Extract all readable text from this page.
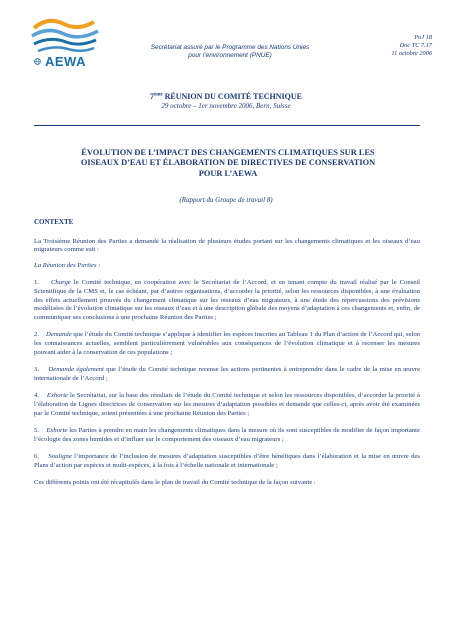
AEWA
Secrétariat assuré par le Programme des Nations Unies
pour l’environnement (PNUE)
PoJ 18
Doc TC 7.17
11 octobre 2006
7ème RÉUNION DU COMITÉ TECHNIQUE
29 octobre – 1er novembre 2006, Bern, Suisse
ÉVOLUTION DE L’IMPACT DES CHANGEMENTS CLIMATIQUES SUR LES
OISEAUX D’EAU ET ÉLABORATION DE DIRECTIVES DE CONSERVATION
POUR L’AEWA
(Rapport du Groupe de travail 8)
CONTEXTE

La Troisième Réunion des Parties a demandé la réalisation de plusieurs études portant sur les changements climatiques et les oiseaux d’eau migrateurs comme suit :

La Réunion des Parties :

1. Charge le Comité technique, en coopération avec le Secrétariat de l’Accord, et en tenant compte du travail réalisé par le Conseil Scientifique de la CMS et, le cas échéant, par d’autres organisations, d’accorder la priorité, selon les ressources disponibles, à une évaluation des effets actuellement prouvés du changement climatique sur les oiseaux d’eau migrateurs, à une étude des répercussions des prévisions modélisées de l’évolution climatique sur les oiseaux d’eau et à une description globale des moyens d’adaptation à ces changements et, enfin, de communiquer ses conclusions à une prochaine Réunion des Parties ;

2. Demande que l’étude du Comité technique s’applique à identifier les espèces inscrites au Tableau 1 du Plan d’action de l’Accord qui, selon les connaissances actuelles, semblent particulièrement vulnérables aux conséquences de l’évolution climatique et à recenser les mesures pouvant aider à la conservation de ces populations ;

3. Demande également que l’étude du Comité technique recense les actions pertinentes à entreprendre dans le cadre de la mise en œuvre internationale de l’Accord ;

4. Exhorte le Secrétariat, sur la base des résultats de l’étude du Comité technique et selon les ressources disponibles, d’accorder la priorité à l’élaboration de Lignes directrices de conservation sur les mesures d’adaptation possibles et demande que celles-ci, après avoir été examinées par le Comité technique, soient présentées à une prochaine Réunion des Parties ;

5. Exhorte les Parties à prendre en main les changements climatiques dans la mesure où ils sont susceptibles de modifier de façon importante l’écologie des zones humides et d’influer sur le comportement des oiseaux d’eau migrateurs ;

6. Souligne l’importance de l’inclusion de mesures d’adaptation susceptibles d’être bénéfiques dans l’élaboration et la mise en œuvre des Plans d’action par espèces et multi-espèces, à la fois à l’échelle nationale et internationale ;

Ces différents points ont été récapitulés dans le plan de travail du Comité technique de la façon suivante :
